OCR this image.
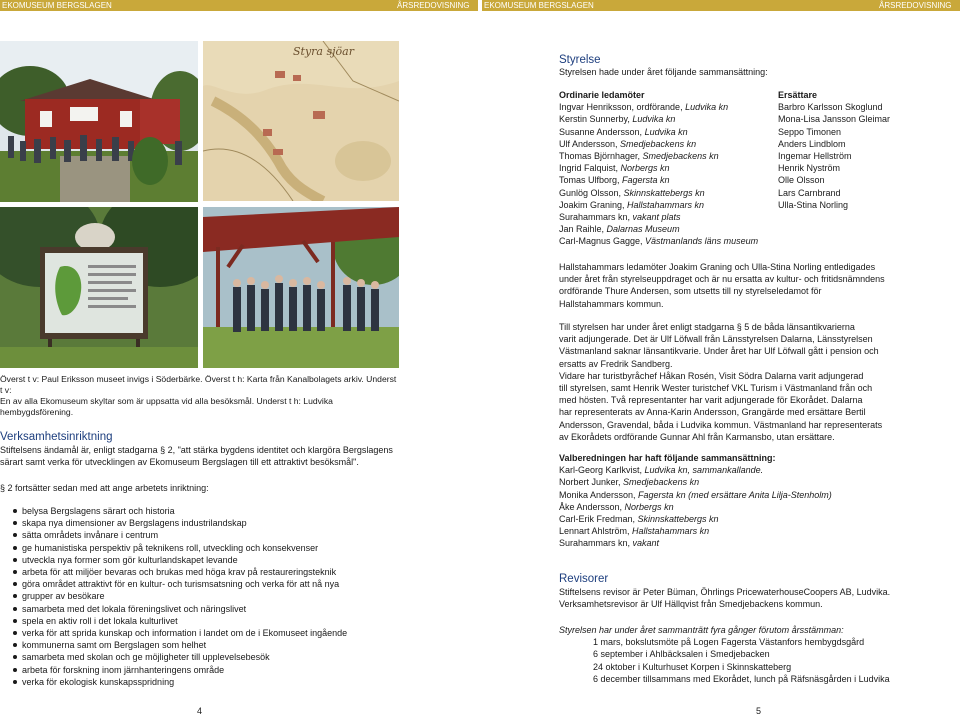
EKOMUSEUM BERGSLAGEN	ÅRSREDOVISNING 2013
EKOMUSEUM BERGSLAGEN	ÅRSREDOVISNING 2013
Styra sjöar
Överst t v: Paul Eriksson museet invigs i Söderbärke. Överst t h: Karta från Kanalbolagets arkiv. Underst t v:
En av alla Ekomuseum skyltar som är uppsatta vid alla besöksmål. Underst t h: Ludvika hembygdsförening.
Verksamhetsinriktning
Stiftelsens ändamål är, enligt stadgarna § 2, "att stärka bygdens identitet och klargöra Bergslagens
särart samt verka för utvecklingen av Ekomuseum Bergslagen till ett attraktivt besöksmål".
§ 2 fortsätter sedan med att ange arbetets inriktning:
belysa Bergslagens särart och historia
skapa nya dimensioner av Bergslagens industrilandskap
sätta områdets invånare i centrum
ge humanistiska perspektiv på teknikens roll, utveckling och konsekvenser
utveckla nya former som gör kulturlandskapet levande
arbeta för att miljöer bevaras och brukas med höga krav på restaureringsteknik
göra området attraktivt för en kultur- och turismsatsning och verka för att nå nya
grupper av besökare
samarbeta med det lokala föreningslivet och näringslivet
spela en aktiv roll i det lokala kulturlivet
verka för att sprida kunskap och information i landet om de i Ekomuseet ingående
kommunerna samt om Bergslagen som helhet
samarbeta med skolan och ge möjligheter till upplevelsebesök
arbeta för forskning inom järnhanteringens område
verka för ekologisk kunskapsspridning
4	5
Styrelse
Styrelsen hade under året följande sammansättning:
Ordinarie ledamöter
Ingvar Henriksson, ordförande, Ludvika kn
Kerstin Sunnerby, Ludvika kn
Susanne Andersson, Ludvika kn
Ulf Andersson, Smedjebackens kn
Thomas Björnhager, Smedjebackens kn
Ingrid Falquist, Norbergs kn
Tomas Ulfborg, Fagersta kn
Gunlög Olsson, Skinnskattebergs kn
Joakim Graning, Hallstahammars kn
Surahammars kn, vakant plats
Jan Raihle, Dalarnas Museum
Carl-Magnus Gagge, Västmanlands läns museum
Ersättare
Barbro Karlsson Skoglund
Mona-Lisa Jansson Gleimar
Seppo Timonen
Anders Lindblom
Ingemar Hellström
Henrik Nyström
Olle Olsson
Lars Carnbrand
Ulla-Stina Norling
Hallstahammars ledamöter Joakim Graning och Ulla-Stina Norling entledigades
under året från styrelseuppdraget och är nu ersatta av kultur- och fritidsnämndens
ordförande Thure Andersen, som utsetts till ny styrelseledamot för
Hallstahammars kommun.
Till styrelsen har under året enligt stadgarna § 5 de båda länsantikvarierna
varit adjungerade. Det är Ulf Löfwall från Länsstyrelsen Dalarna, Länsstyrelsen
Västmanland saknar länsantikvarie. Under året har Ulf Löfwall gått i pension och
ersatts av Fredrik Sandberg.
Vidare har turistbyråchef Håkan Rosén, Visit Södra Dalarna varit adjungerad
till styrelsen, samt Henrik Wester turistchef VKL Turism i Västmanland från och
med hösten. Två representanter har varit adjungerade för Ekorådet. Dalarna
har representerats av Anna-Karin Andersson, Grangärde med ersättare Bertil
Andersson, Gravendal, båda i Ludvika kommun. Västmanland har representerats
av Ekorådets ordförande Gunnar Ahl från Karmansbo, utan ersättare.
Valberedningen har haft följande sammansättning:
Karl-Georg Karlkvist, Ludvika kn, sammankallande.
Norbert Junker, Smedjebackens kn
Monika Andersson, Fagersta kn (med ersättare Anita Lilja-Stenholm)
Åke Andersson, Norbergs kn
Carl-Erik Fredman, Skinnskattebergs kn
Lennart Ahlström, Hallstahammars kn
Surahammars kn, vakant
Revisorer
Stiftelsens revisor är Peter Büman, Öhrlings PricewaterhouseCoopers AB, Ludvika.
Verksamhetsrevisor är Ulf Hällqvist från Smedjebackens kommun.
Styrelsen har under året sammanträtt fyra gånger förutom årsstämman:
1 mars, bokslutsmöte på Logen Fagersta Västanfors hembygdsgård
6 september i Ahlbäcksalen i Smedjebacken
24 oktober i Kulturhuset Korpen i Skinnskatteberg
6 december tillsammans med Ekorådet, lunch på Räfsnäsgården i Ludvika
